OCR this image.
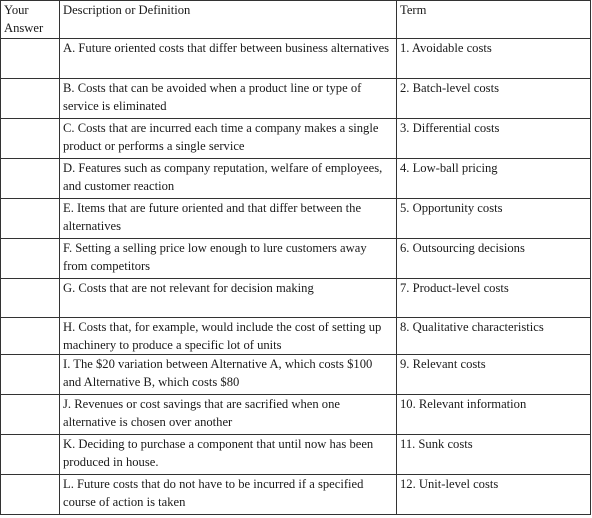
Your Answer	Description or Definition	Term
	A. Future oriented costs that differ between business alternatives	1. Avoidable costs
	B. Costs that can be avoided when a product line or type of service is eliminated	2. Batch-level costs
	C. Costs that are incurred each time a company makes a single product or performs a single service	3. Differential costs
	D. Features such as company reputation, welfare of employees, and customer reaction	4. Low-ball pricing
	E. Items that are future oriented and that differ between the alternatives	5. Opportunity costs
	F. Setting a selling price low enough to lure customers away from competitors	6. Outsourcing decisions
	G. Costs that are not relevant for decision making	7. Product-level costs
	H. Costs that, for example, would include the cost of setting up machinery to produce a specific lot of units	8. Qualitative characteristics
	I. The $20 variation between Alternative A, which costs $100 and Alternative B, which costs $80	9. Relevant costs
	J. Revenues or cost savings that are sacrified when one alternative is chosen over another	10. Relevant information
	K. Deciding to purchase a component that until now has been produced in house.	11. Sunk costs
	L. Future costs that do not have to be incurred if a specified course of action is taken	12. Unit-level costs
